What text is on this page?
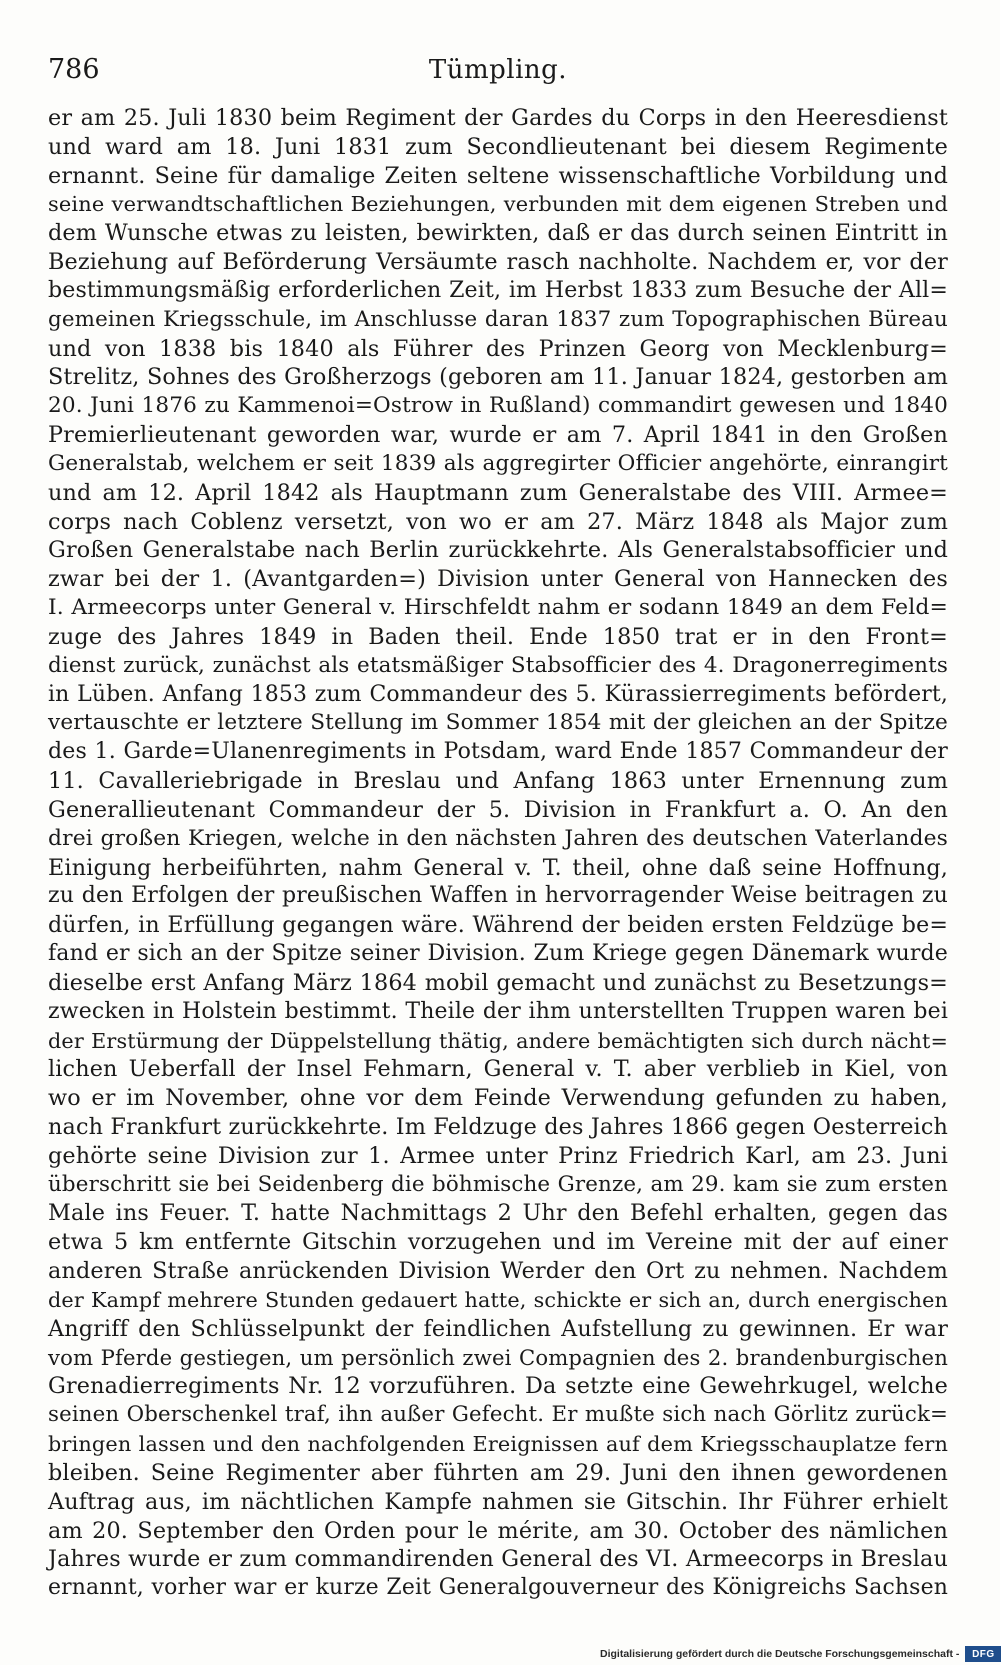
786	Tümpling.
er am 25. Juli 1830 beim Regiment der Gardes du Corps in den Heeresdienst
und ward am 18. Juni 1831 zum Secondlieutenant bei diesem Regimente
ernannt. Seine für damalige Zeiten seltene wissenschaftliche Vorbildung und
seine verwandtschaftlichen Beziehungen, verbunden mit dem eigenen Streben und
dem Wunsche etwas zu leisten, bewirkten, daß er das durch seinen Eintritt in
Beziehung auf Beförderung Versäumte rasch nachholte. Nachdem er, vor der
bestimmungsmäßig erforderlichen Zeit, im Herbst 1833 zum Besuche der All=
gemeinen Kriegsschule, im Anschlusse daran 1837 zum Topographischen Büreau
und von 1838 bis 1840 als Führer des Prinzen Georg von Mecklenburg=
Strelitz, Sohnes des Großherzogs (geboren am 11. Januar 1824, gestorben am
20. Juni 1876 zu Kammenoi=Ostrow in Rußland) commandirt gewesen und 1840
Premierlieutenant geworden war, wurde er am 7. April 1841 in den Großen
Generalstab, welchem er seit 1839 als aggregirter Officier angehörte, einrangirt
und am 12. April 1842 als Hauptmann zum Generalstabe des VIII. Armee=
corps nach Coblenz versetzt, von wo er am 27. März 1848 als Major zum
Großen Generalstabe nach Berlin zurückkehrte. Als Generalstabsofficier und
zwar bei der 1. (Avantgarden=) Division unter General von Hannecken des
I. Armeecorps unter General v. Hirschfeldt nahm er sodann 1849 an dem Feld=
zuge des Jahres 1849 in Baden theil. Ende 1850 trat er in den Front=
dienst zurück, zunächst als etatsmäßiger Stabsofficier des 4. Dragonerregiments
in Lüben. Anfang 1853 zum Commandeur des 5. Kürassierregiments befördert,
vertauschte er letztere Stellung im Sommer 1854 mit der gleichen an der Spitze
des 1. Garde=Ulanenregiments in Potsdam, ward Ende 1857 Commandeur der
11. Cavalleriebrigade in Breslau und Anfang 1863 unter Ernennung zum
Generallieutenant Commandeur der 5. Division in Frankfurt a. O. An den
drei großen Kriegen, welche in den nächsten Jahren des deutschen Vaterlandes
Einigung herbeiführten, nahm General v. T. theil, ohne daß seine Hoffnung,
zu den Erfolgen der preußischen Waffen in hervorragender Weise beitragen zu
dürfen, in Erfüllung gegangen wäre. Während der beiden ersten Feldzüge be=
fand er sich an der Spitze seiner Division. Zum Kriege gegen Dänemark wurde
dieselbe erst Anfang März 1864 mobil gemacht und zunächst zu Besetzungs=
zwecken in Holstein bestimmt. Theile der ihm unterstellten Truppen waren bei
der Erstürmung der Düppelstellung thätig, andere bemächtigten sich durch nächt=
lichen Ueberfall der Insel Fehmarn, General v. T. aber verblieb in Kiel, von
wo er im November, ohne vor dem Feinde Verwendung gefunden zu haben,
nach Frankfurt zurückkehrte. Im Feldzuge des Jahres 1866 gegen Oesterreich
gehörte seine Division zur 1. Armee unter Prinz Friedrich Karl, am 23. Juni
überschritt sie bei Seidenberg die böhmische Grenze, am 29. kam sie zum ersten
Male ins Feuer. T. hatte Nachmittags 2 Uhr den Befehl erhalten, gegen das
etwa 5 km entfernte Gitschin vorzugehen und im Vereine mit der auf einer
anderen Straße anrückenden Division Werder den Ort zu nehmen. Nachdem
der Kampf mehrere Stunden gedauert hatte, schickte er sich an, durch energischen
Angriff den Schlüsselpunkt der feindlichen Aufstellung zu gewinnen. Er war
vom Pferde gestiegen, um persönlich zwei Compagnien des 2. brandenburgischen
Grenadierregiments Nr. 12 vorzuführen. Da setzte eine Gewehrkugel, welche
seinen Oberschenkel traf, ihn außer Gefecht. Er mußte sich nach Görlitz zurück=
bringen lassen und den nachfolgenden Ereignissen auf dem Kriegsschauplatze fern
bleiben. Seine Regimenter aber führten am 29. Juni den ihnen gewordenen
Auftrag aus, im nächtlichen Kampfe nahmen sie Gitschin. Ihr Führer erhielt
am 20. September den Orden pour le mérite, am 30. October des nämlichen
Jahres wurde er zum commandirenden General des VI. Armeecorps in Breslau
ernannt, vorher war er kurze Zeit Generalgouverneur des Königreichs Sachsen
Digitalisierung gefördert durch die Deutsche Forschungsgemeinschaft -	DFG
